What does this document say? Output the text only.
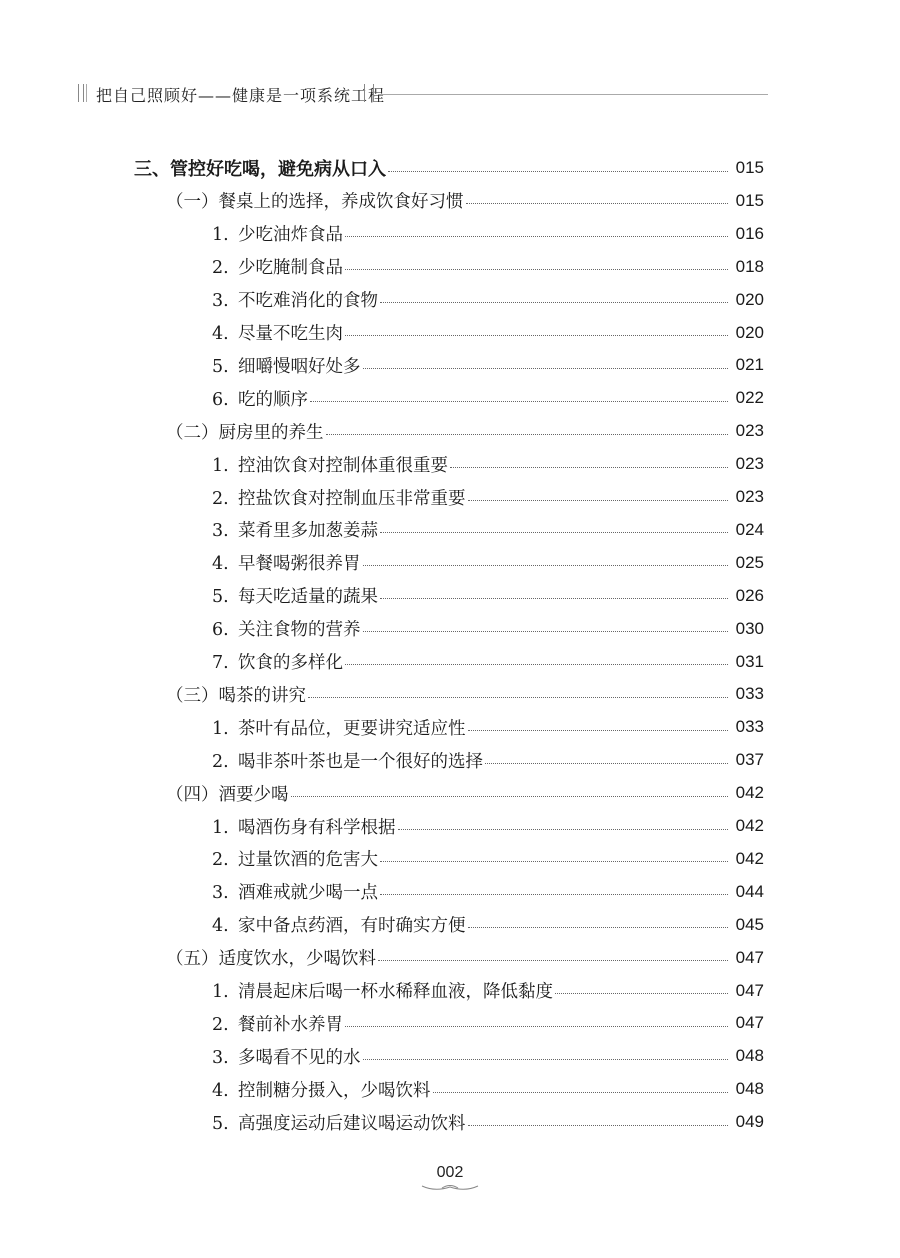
把自己照顾好——健康是一项系统工程
三、管控好吃喝，避免病从口入	015
（一）餐桌上的选择，养成饮食好习惯	015
1. 少吃油炸食品	016
2. 少吃腌制食品	018
3. 不吃难消化的食物	020
4. 尽量不吃生肉	020
5. 细嚼慢咽好处多	021
6. 吃的顺序	022
（二）厨房里的养生	023
1. 控油饮食对控制体重很重要	023
2. 控盐饮食对控制血压非常重要	023
3. 菜肴里多加葱姜蒜	024
4. 早餐喝粥很养胃	025
5. 每天吃适量的蔬果	026
6. 关注食物的营养	030
7. 饮食的多样化	031
（三）喝茶的讲究	033
1. 茶叶有品位，更要讲究适应性	033
2. 喝非茶叶茶也是一个很好的选择	037
（四）酒要少喝	042
1. 喝酒伤身有科学根据	042
2. 过量饮酒的危害大	042
3. 酒难戒就少喝一点	044
4. 家中备点药酒，有时确实方便	045
（五）适度饮水，少喝饮料	047
1. 清晨起床后喝一杯水稀释血液，降低黏度	047
2. 餐前补水养胃	047
3. 多喝看不见的水	048
4. 控制糖分摄入，少喝饮料	048
5. 高强度运动后建议喝运动饮料	049
002
